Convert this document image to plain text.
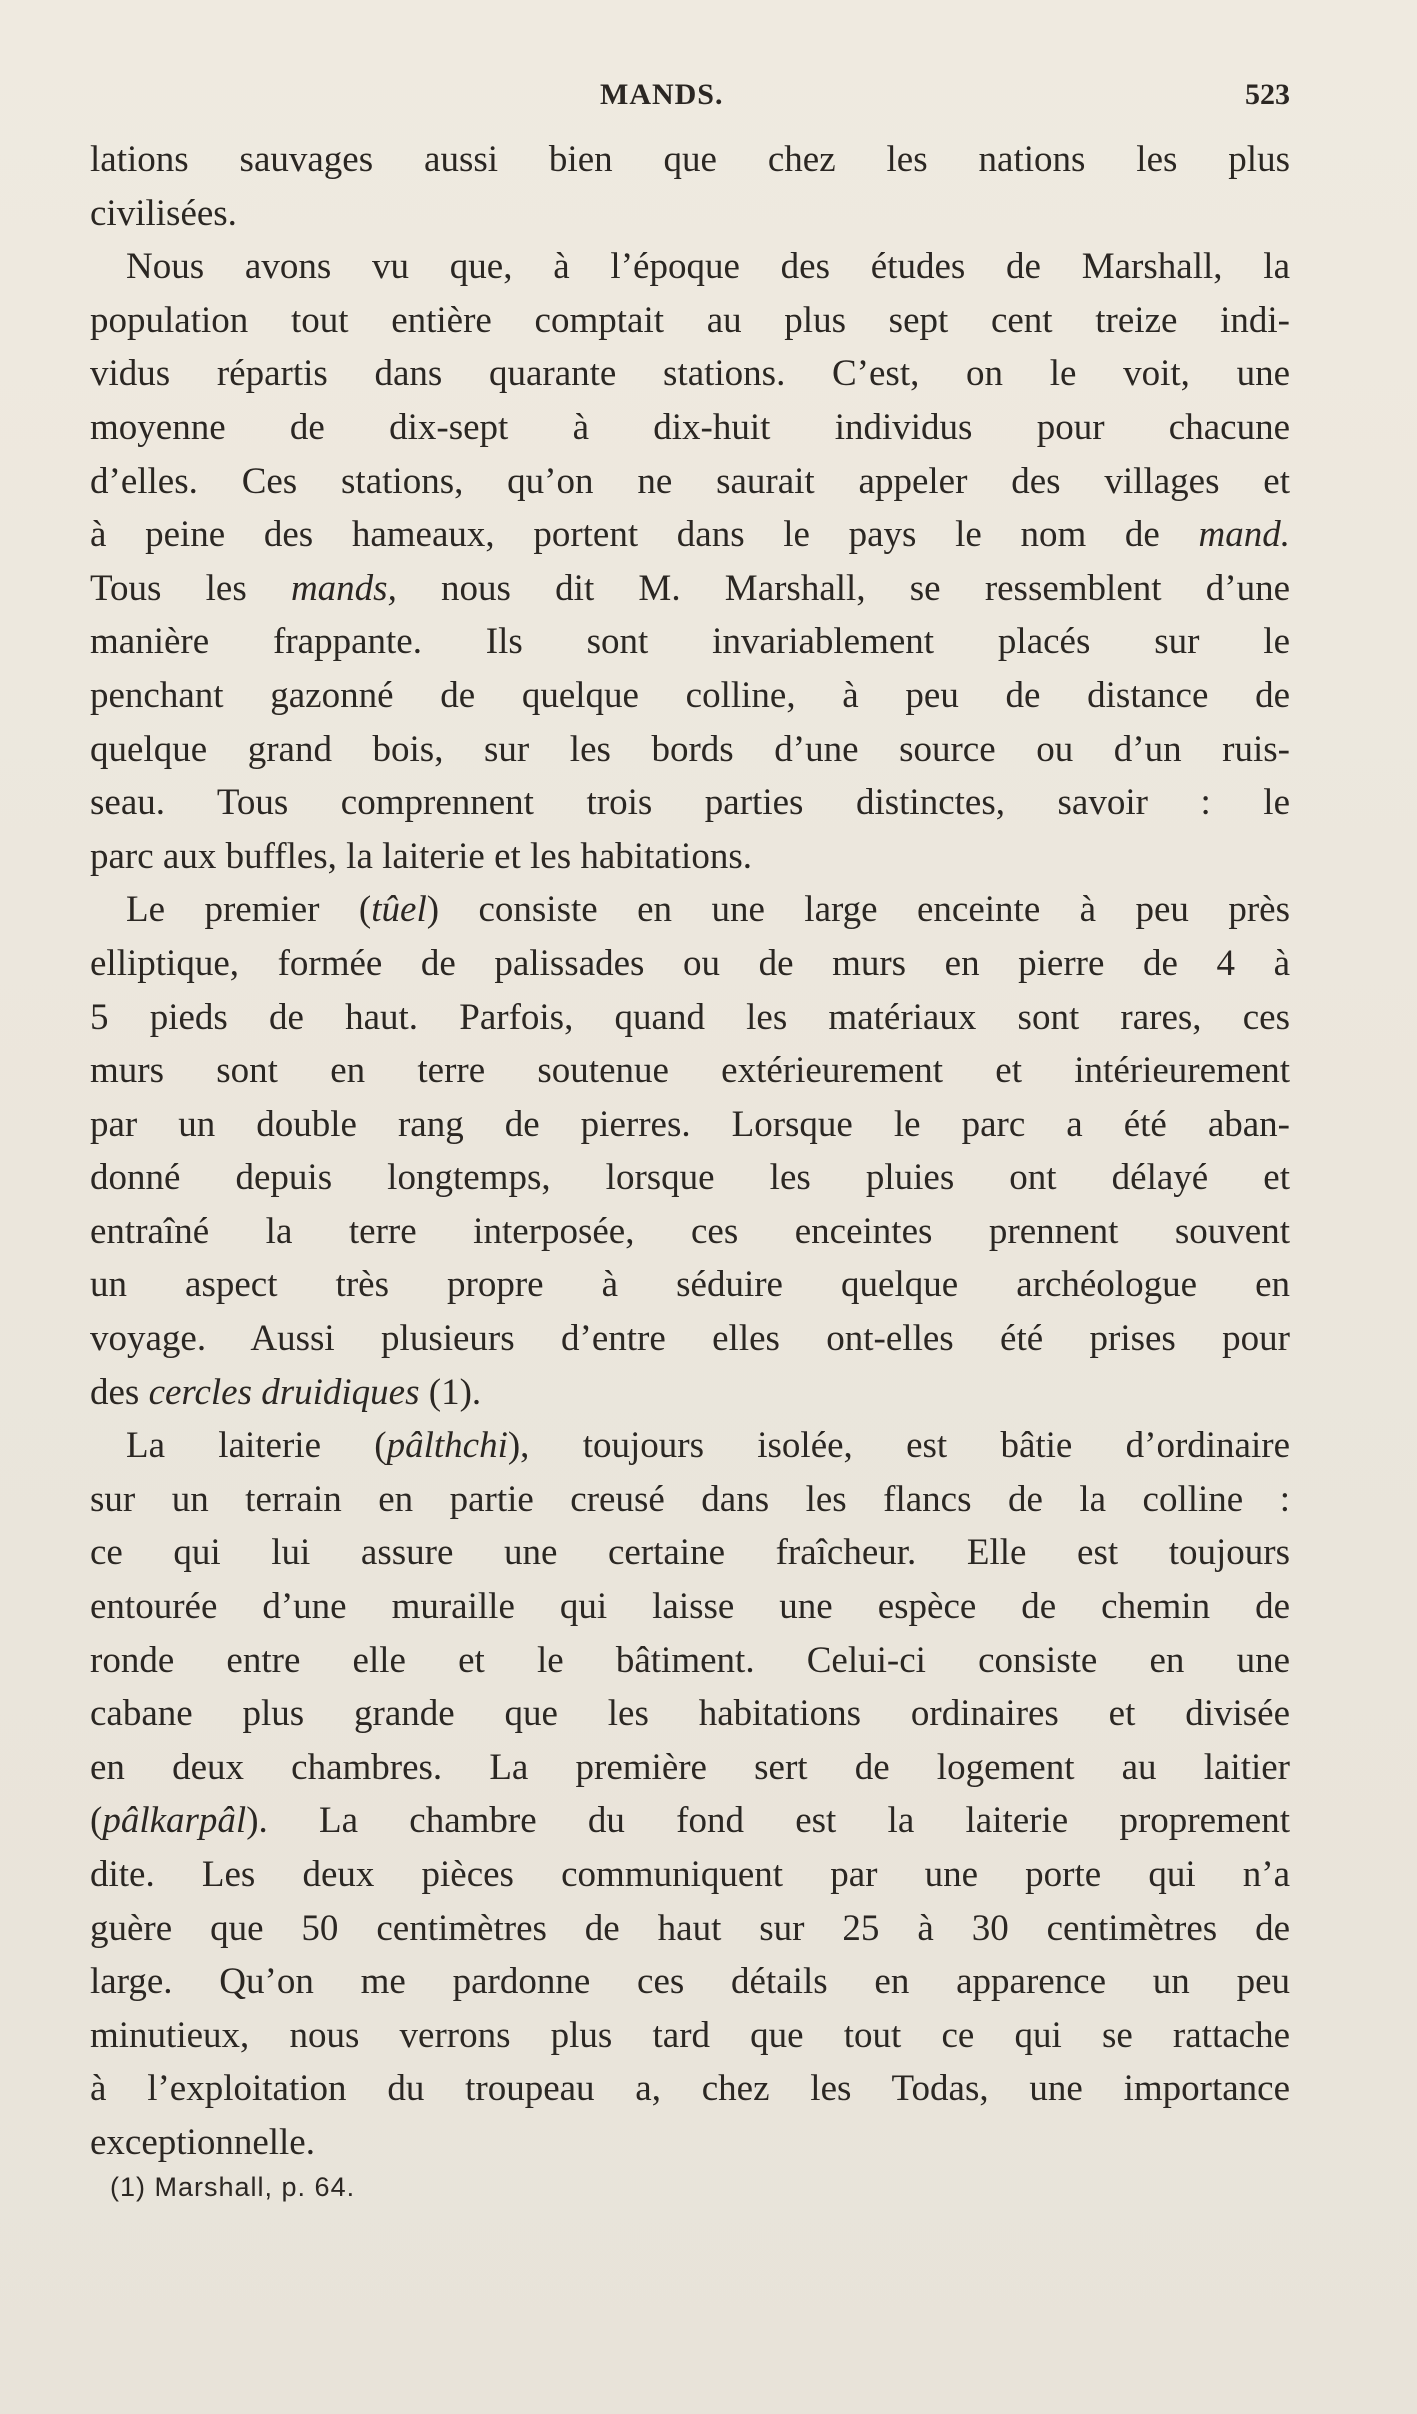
MANDS.	523
lations sauvages aussi bien que chez les nations les plus
civilisées.
Nous avons vu que, à l’époque des études de Marshall, la
population tout entière comptait au plus sept cent treize indi-
vidus répartis dans quarante stations. C’est, on le voit, une
moyenne de dix-sept à dix-huit individus pour chacune
d’elles. Ces stations, qu’on ne saurait appeler des villages et
à peine des hameaux, portent dans le pays le nom de mand.
Tous les mands, nous dit M. Marshall, se ressemblent d’une
manière frappante. Ils sont invariablement placés sur le
penchant gazonné de quelque colline, à peu de distance de
quelque grand bois, sur les bords d’une source ou d’un ruis-
seau. Tous comprennent trois parties distinctes, savoir : le
parc aux buffles, la laiterie et les habitations.
Le premier (tûel) consiste en une large enceinte à peu près
elliptique, formée de palissades ou de murs en pierre de 4 à
5 pieds de haut. Parfois, quand les matériaux sont rares, ces
murs sont en terre soutenue extérieurement et intérieurement
par un double rang de pierres. Lorsque le parc a été aban-
donné depuis longtemps, lorsque les pluies ont délayé et
entraîné la terre interposée, ces enceintes prennent souvent
un aspect très propre à séduire quelque archéologue en
voyage. Aussi plusieurs d’entre elles ont-elles été prises pour
des cercles druidiques (1).
La laiterie (pâlthchi), toujours isolée, est bâtie d’ordinaire
sur un terrain en partie creusé dans les flancs de la colline :
ce qui lui assure une certaine fraîcheur. Elle est toujours
entourée d’une muraille qui laisse une espèce de chemin de
ronde entre elle et le bâtiment. Celui-ci consiste en une
cabane plus grande que les habitations ordinaires et divisée
en deux chambres. La première sert de logement au laitier
(pâlkarpâl). La chambre du fond est la laiterie proprement
dite. Les deux pièces communiquent par une porte qui n’a
guère que 50 centimètres de haut sur 25 à 30 centimètres de
large. Qu’on me pardonne ces détails en apparence un peu
minutieux, nous verrons plus tard que tout ce qui se rattache
à l’exploitation du troupeau a, chez les Todas, une importance
exceptionnelle.
(1) Marshall, p. 64.
